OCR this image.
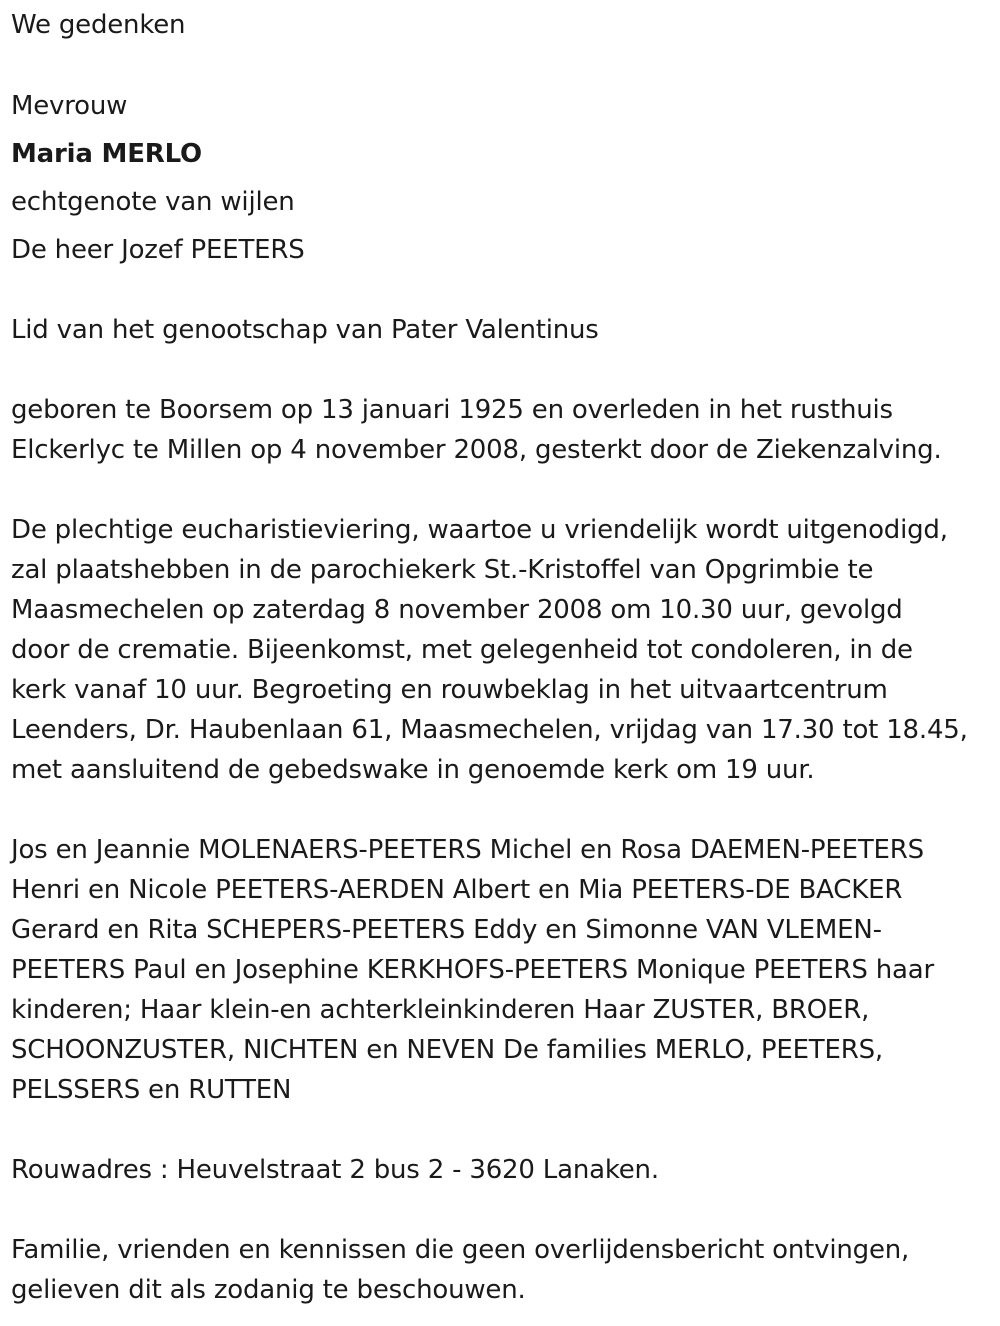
We gedenken
Mevrouw
Maria MERLO
echtgenote van wijlen
De heer Jozef PEETERS
Lid van het genootschap van Pater Valentinus
geboren te Boorsem op 13 januari 1925 en overleden in het rusthuis
Elckerlyc te Millen op 4 november 2008, gesterkt door de Ziekenzalving.
De plechtige eucharistieviering, waartoe u vriendelijk wordt uitgenodigd,
zal plaatshebben in de parochiekerk St.-Kristoffel van Opgrimbie te
Maasmechelen op zaterdag 8 november 2008 om 10.30 uur, gevolgd
door de crematie. Bijeenkomst, met gelegenheid tot condoleren, in de
kerk vanaf 10 uur. Begroeting en rouwbeklag in het uitvaartcentrum
Leenders, Dr. Haubenlaan 61, Maasmechelen, vrijdag van 17.30 tot 18.45,
met aansluitend de gebedswake in genoemde kerk om 19 uur.
Jos en Jeannie MOLENAERS-PEETERS Michel en Rosa DAEMEN-PEETERS
Henri en Nicole PEETERS-AERDEN Albert en Mia PEETERS-DE BACKER
Gerard en Rita SCHEPERS-PEETERS Eddy en Simonne VAN VLEMEN-
PEETERS Paul en Josephine KERKHOFS-PEETERS Monique PEETERS haar
kinderen; Haar klein-en achterkleinkinderen Haar ZUSTER, BROER,
SCHOONZUSTER, NICHTEN en NEVEN De families MERLO, PEETERS,
PELSSERS en RUTTEN
Rouwadres : Heuvelstraat 2 bus 2 - 3620 Lanaken.
Familie, vrienden en kennissen die geen overlijdensbericht ontvingen,
gelieven dit als zodanig te beschouwen.
